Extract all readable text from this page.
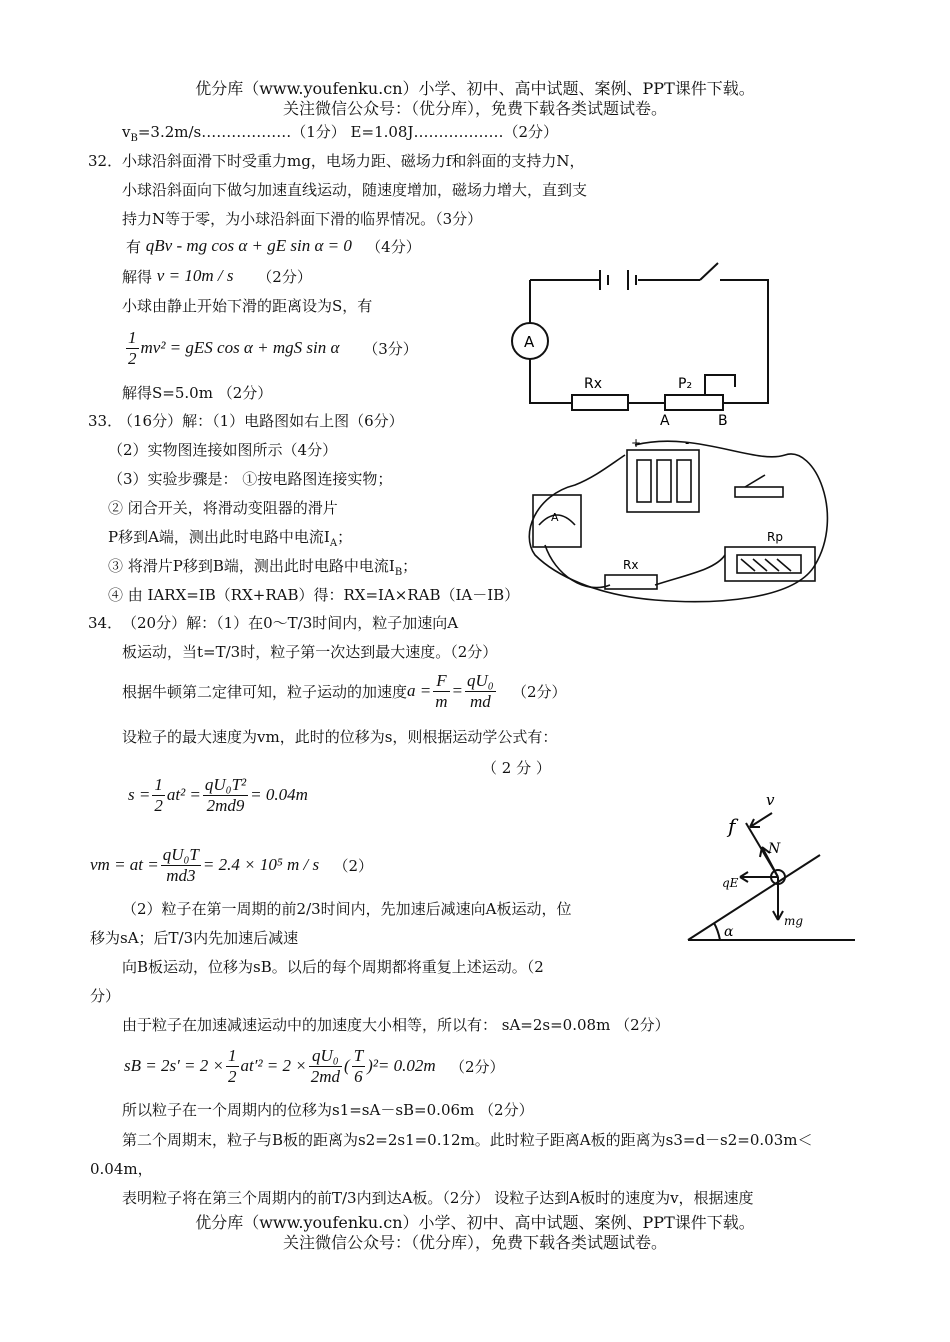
优分库（www.youfenku.cn）小学、初中、高中试题、案例、PPT课件下载。
关注微信公众号：（优分库），免费下载各类试题试卷。
$v_B=3.2m/s\dots\dots\dots\dots\dots\dots(1$分） E=1.08J………………（2分）
32． 小球沿斜面滑下时受重力mg，电场力距、磁场力f和斜面的支持力N，
小球沿斜面向下做匀加速直线运动，随速度增加，磁场力增大，直到支
持力N等于零，为小球沿斜面下滑的临界情况。（3分）
有
qBv - mg cos α + gE sin α = 0
（4分）
解得
v = 10m / s
（2分）
小球由静止开始下滑的距离设为S，有
$\frac{1}{2} mv^2$ = gES cos α + mgS sin α
（3分）
解得S=5.0m （2分）
33．
（16分）解：（1）电路图如右上图（6分）
（2）实物图连接如图所示（4分）
（3）实验步骤是： ①按电路图连接实物；
② 闭合开关，将滑动变阻器的滑片
P移到A端，测出此时电路中电流$I_A$；
③ 将滑片P移到B端，测出此时电路中电流$I_B$；
④ 由 IARX=IB（RX+RAB）得：RX=IA×RAB（IA－IB）
34． （20分）解：（1）在0～T/3时间内，粒子加速向A
板运动，当t=T/3时，粒子第一次达到最大速度。（2分）
根据牛顿第二定律可知，粒子运动的加速度 $a = \frac{F}{m} = \frac{\text{qU₀}}{md}$
（2分）
设粒子的最大速度为vm，此时的位移为s，则根据运动学公式有：
（ 2 分 ）
$s = \frac{1}{2} at^2 = \frac{\text{qU₀T²}}{2md9} = 0.04m$
vm = at = $\frac{\text{qU₀T}}{md3} = 2.4 \times 10^5$ m / s
（2）
（2）粒子在第一周期的前2/3时间内，先加速后减速向A板运动，位
移为sA；后T/3内先加速后减速
向B板运动，位移为sB。以后的每个周期都将重复上述运动。（2
分）
由于粒子在加速减速运动中的加速度大小相等，所以有： sA=2s=0.08m （2分）
sB = $2s' = 2 \times \frac{1}{2} at'^2 = 2 \times \frac{\text{qU₀}}{2md}$ ( $\frac{T}{6} )^2 = 0.02m$
（2分）
所以粒子在一个周期内的位移为s1=sA－sB=0.06m （2分）
第二个周期末，粒子与B板的距离为s2=2s1=0.12m。此时粒子距离A板的距离为s3=d－s2=0.03m＜
0.04m，
表明粒子将在第三个周期内的前T/3内到达A板。（2分） 设粒子达到A板时的速度为v，根据速度
优分库（www.youfenku.cn）小学、初中、高中试题、案例、PPT课件下载。
关注微信公众号：（优分库），免费下载各类试题试卷。
A
Rx	P₂
A	B
+	-
A
Rx
Rp
f
v
N
qE
mg
α
